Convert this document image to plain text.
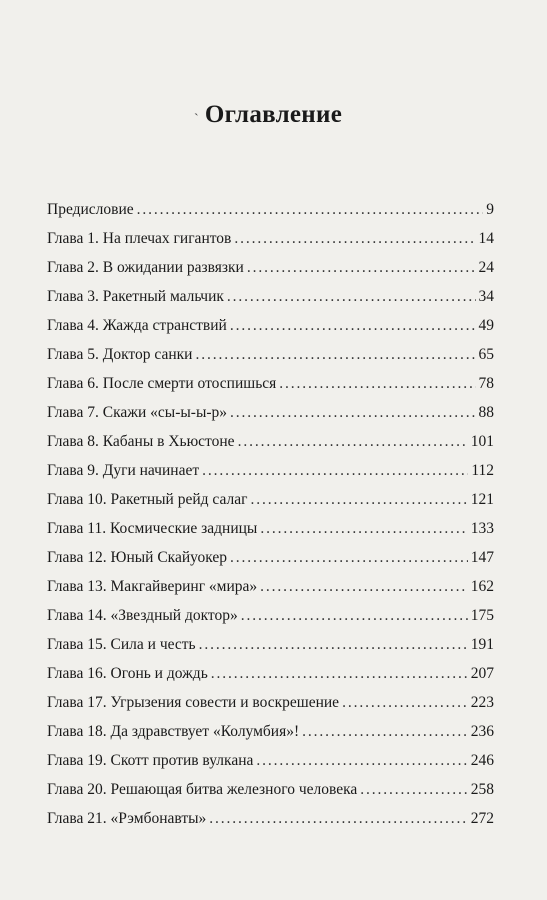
Оглавление
`
Предисловие . . .	9
Глава 1. На плечах гигантов . . .	14
Глава 2. В ожидании развязки . . .	24
Глава 3. Ракетный мальчик . . .	34
Глава 4. Жажда странствий . . .	49
Глава 5. Доктор санки . . .	65
Глава 6. После смерти отоспишься . . .	78
Глава 7. Скажи «сы-ы-ы-р» . . .	88
Глава 8. Кабаны в Хьюстоне . . .	101
Глава 9. Дуги начинает . . .	112
Глава 10. Ракетный рейд салаг . . .	121
Глава 11. Космические задницы . . .	133
Глава 12. Юный Скайуокер . . .	147
Глава 13. Макгайверинг «мира» . . .	162
Глава 14. «Звездный доктор» . . .	175
Глава 15. Сила и честь . . .	191
Глава 16. Огонь и дождь . . .	207
Глава 17. Угрызения совести и воскрешение . . .	223
Глава 18. Да здравствует «Колумбия»! . . .	236
Глава 19. Скотт против вулкана . . .	246
Глава 20. Решающая битва железного человека . . .	258
Глава 21. «Рэмбонавты» . . .	272
